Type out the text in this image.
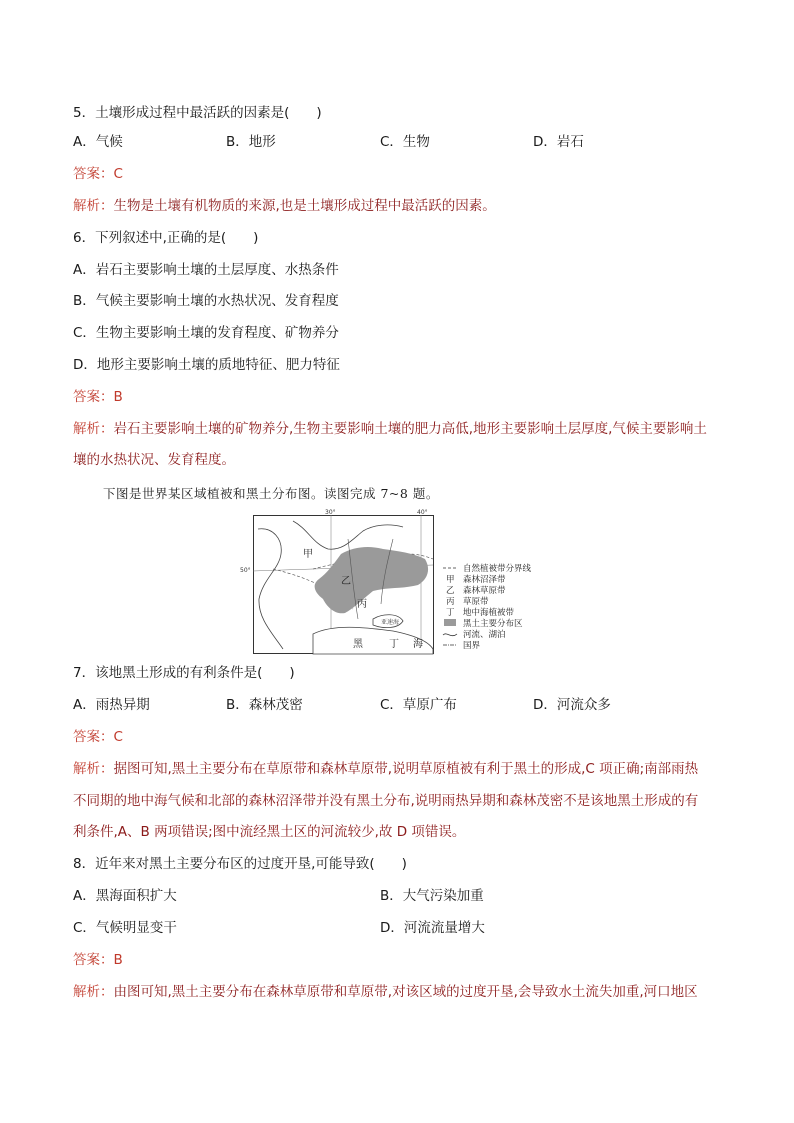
5．土壤形成过程中最活跃的因素是(　　)
A．气候	B．地形	C．生物	D．岩石
答案：C
解析：生物是土壤有机物质的来源,也是土壤形成过程中最活跃的因素。
6．下列叙述中,正确的是(　　)
A．岩石主要影响土壤的土层厚度、水热条件
B．气候主要影响土壤的水热状况、发育程度
C．生物主要影响土壤的发育程度、矿物养分
D．地形主要影响土壤的质地特征、肥力特征
答案：B
解析：岩石主要影响土壤的矿物养分,生物主要影响土壤的肥力高低,地形主要影响土层厚度,气候主要影响土
壤的水热状况、发育程度。
下图是世界某区域植被和黑土分布图。读图完成 7~8 题。
30°	40°
50°
甲
乙
丙
丁
亚速海
黑	海
自然植被带分界线
甲 森林沼泽带
乙 森林草原带
丙 草原带
丁 地中海植被带
黑土主要分布区
河流、湖泊
国界
7．该地黑土形成的有利条件是(　　)
A．雨热异期	B．森林茂密	C．草原广布	D．河流众多
答案：C
解析：据图可知,黑土主要分布在草原带和森林草原带,说明草原植被有利于黑土的形成,C 项正确;南部雨热
不同期的地中海气候和北部的森林沼泽带并没有黑土分布,说明雨热异期和森林茂密不是该地黑土形成的有
利条件,A、B 两项错误;图中流经黑土区的河流较少,故 D 项错误。
8．近年来对黑土主要分布区的过度开垦,可能导致(　　)
A．黑海面积扩大	B．大气污染加重
C．气候明显变干	D．河流流量增大
答案：B
解析：由图可知,黑土主要分布在森林草原带和草原带,对该区域的过度开垦,会导致水土流失加重,河口地区
